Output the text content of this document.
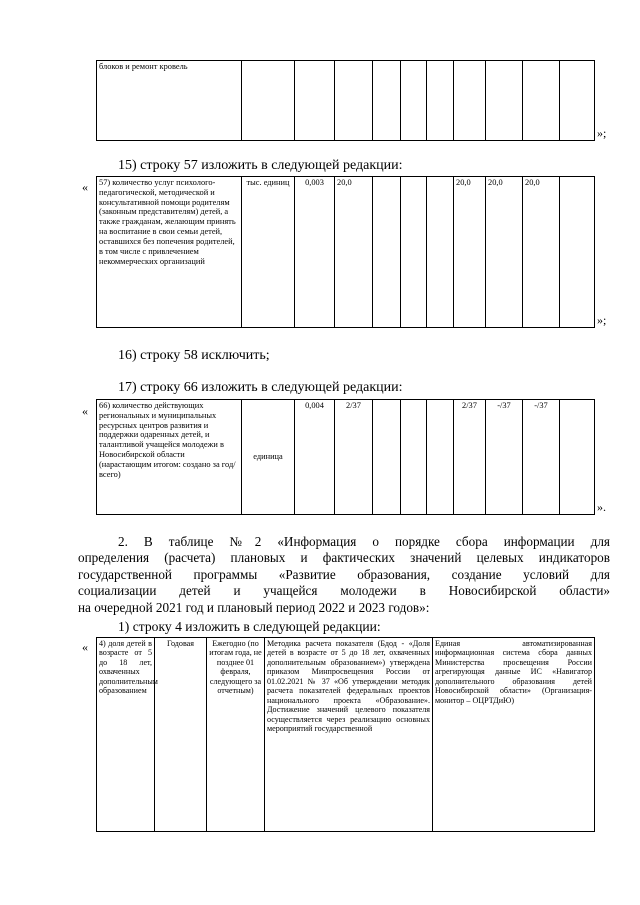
блоков и ремонт кровель										
»;
15) строку 57 изложить в следующей редакции:
« 57) количество услуг психолого-педагогической, методической и консультативной помощи родителям (законным представителям) детей, а также гражданам, желающим принять на воспитание в свои семьи детей, оставшихся без попечения родителей, в том числе с привлечением некоммерческих организаций	тыс. единиц	0,003	20,0				20,0	20,0	20,0	
»;
16) строку 58 исключить;
17) строку 66 изложить в следующей редакции:
« 66) количество действующих региональных и муниципальных ресурсных центров развития и поддержки одаренных детей, и талантливой учащейся молодежи в Новосибирской области (нарастающим итогом: создано за год/всего)	единица	0,004	2/37				2/37	-/37	-/37	
».

2. В таблице №2 «Информация о порядке сбора информации для

определения (расчета) плановых и фактических значений целевых индикаторов

государственной программы «Развитие образования, создание условий для

социализации детей и учащейся молодежи в Новосибирской области»

на очередной 2021 год и плановый период 2022 и 2023 годов»:

1) строку 4 изложить в следующей редакции:
« 4) доля детей в возрасте от 5 до 18 лет, охваченных дополнительным образованием	Годовая	Ежегодно (по итогам года, не позднее 01 февраля, следующего за отчетным)	Методика расчета показателя (Бдод - «Доля детей в возрасте от 5 до 18 лет, охваченных дополнительным образованием») утверждена приказом Минпросвещения России от 01.02.2021 № 37 «Об утверждении методик расчета показателей федеральных проектов национального проекта «Образование». Достижение значений целевого показателя осуществляется через реализацию основных мероприятий государственной	Единая автоматизированная информационная система сбора данных Министерства просвещения России агрегирующая данные ИС «Навигатор дополнительного образования детей Новосибирской области» (Организация-монитор – ОЦРТДиЮ)
